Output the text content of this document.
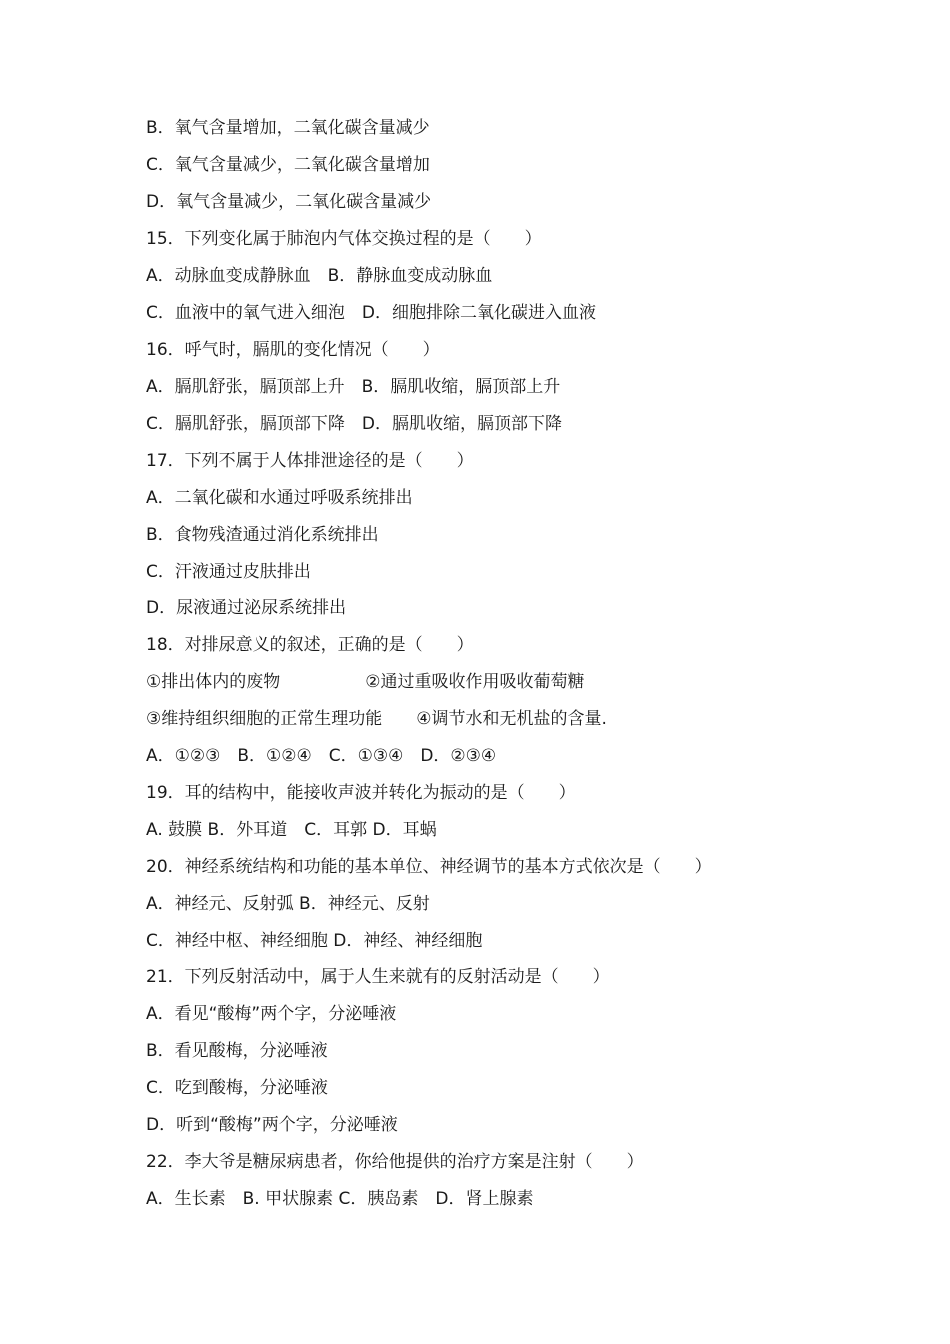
B．氧气含量增加，二氧化碳含量减少
C．氧气含量减少，二氧化碳含量增加
D．氧气含量减少，二氧化碳含量减少
15．下列变化属于肺泡内气体交换过程的是（　　）
A．动脉血变成静脉血　B．静脉血变成动脉血
C．血液中的氧气进入细泡　D．细胞排除二氧化碳进入血液
16．呼气时，膈肌的变化情况（　　）
A．膈肌舒张，膈顶部上升　B．膈肌收缩，膈顶部上升
C．膈肌舒张，膈顶部下降　D．膈肌收缩，膈顶部下降
17．下列不属于人体排泄途径的是（　　）
A．二氧化碳和水通过呼吸系统排出
B．食物残渣通过消化系统排出
C．汗液通过皮肤排出
D．尿液通过泌尿系统排出
18．对排尿意义的叙述，正确的是（　　）
①排出体内的废物　　　　　②通过重吸收作用吸收葡萄糖
③维持组织细胞的正常生理功能　　④调节水和无机盐的含量.
A．①②③　B．①②④　C．①③④　D．②③④
19．耳的结构中，能接收声波并转化为振动的是（　　）
A. 鼓膜 B．外耳道　C．耳郭 D．耳蜗
20．神经系统结构和功能的基本单位、神经调节的基本方式依次是（　　）
A．神经元、反射弧 B．神经元、反射
C．神经中枢、神经细胞 D．神经、神经细胞
21．下列反射活动中，属于人生来就有的反射活动是（　　）
A．看见“酸梅”两个字，分泌唾液
B．看见酸梅，分泌唾液
C．吃到酸梅，分泌唾液
D．听到“酸梅”两个字，分泌唾液
22．李大爷是糖尿病患者，你给他提供的治疗方案是注射（　　）
A．生长素　B. 甲状腺素 C．胰岛素　D．肾上腺素
